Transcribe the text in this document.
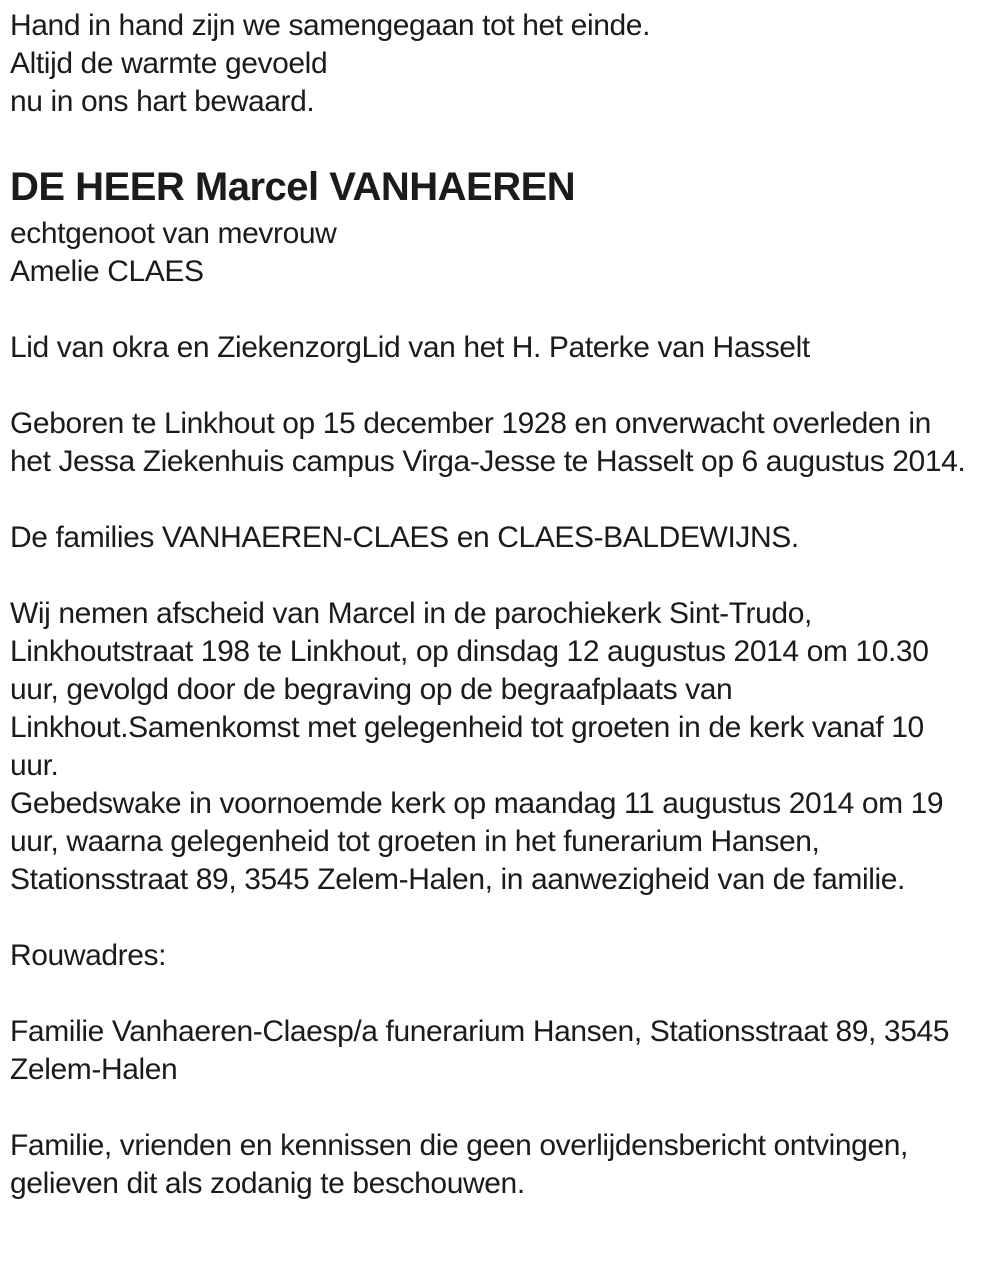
Hand in hand zijn we samengegaan tot het einde.
Altijd de warmte gevoeld
nu in ons hart bewaard.
DE HEER Marcel VANHAEREN
echtgenoot van mevrouw
Amelie CLAES
Lid van okra en ZiekenzorgLid van het H. Paterke van Hasselt
Geboren te Linkhout op 15 december 1928 en onverwacht overleden in
het Jessa Ziekenhuis campus Virga-Jesse te Hasselt op 6 augustus 2014.
De families VANHAEREN-CLAES en CLAES-BALDEWIJNS.
Wij nemen afscheid van Marcel in de parochiekerk Sint-Trudo,
Linkhoutstraat 198 te Linkhout, op dinsdag 12 augustus 2014 om 10.30
uur, gevolgd door de begraving op de begraafplaats van
Linkhout.Samenkomst met gelegenheid tot groeten in de kerk vanaf 10
uur.
Gebedswake in voornoemde kerk op maandag 11 augustus 2014 om 19
uur, waarna gelegenheid tot groeten in het funerarium Hansen,
Stationsstraat 89, 3545 Zelem-Halen, in aanwezigheid van de familie.
Rouwadres:
Familie Vanhaeren-Claesp/a funerarium Hansen, Stationsstraat 89, 3545
Zelem-Halen
Familie, vrienden en kennissen die geen overlijdensbericht ontvingen,
gelieven dit als zodanig te beschouwen.
